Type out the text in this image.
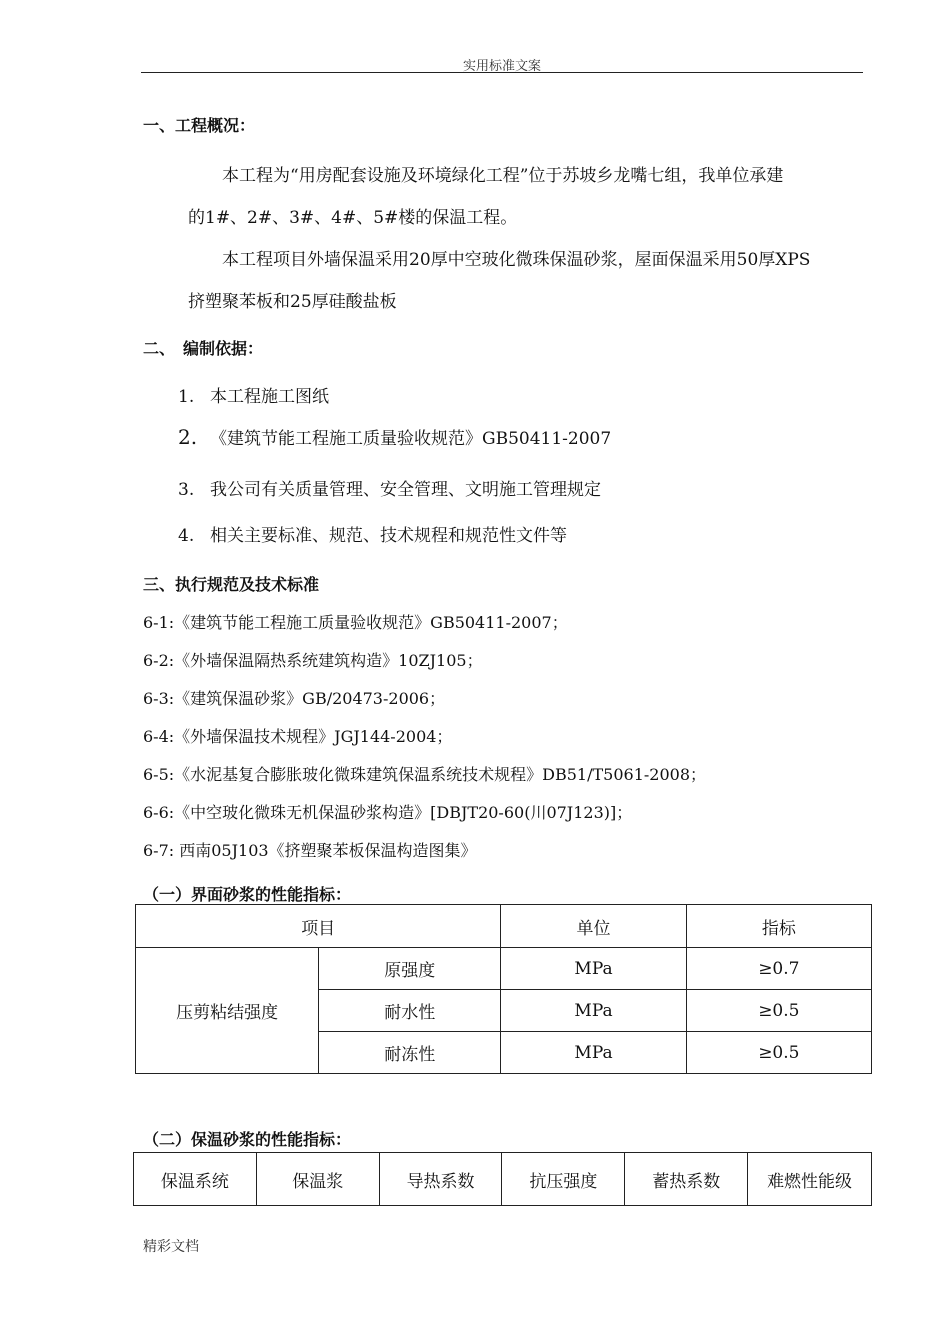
实用标准文案
一、工程概况：
本工程为“用房配套设施及环境绿化工程”位于苏坡乡龙嘴七组，我单位承建
的1#、2#、3#、4#、5#楼的保温工程。
本工程项目外墙保温采用20厚中空玻化微珠保温砂浆，屋面保温采用50厚XPS
挤塑聚苯板和25厚硅酸盐板
二、　编制依据：
1. 本工程施工图纸
2. 《建筑节能工程施工质量验收规范》GB50411-2007
3. 我公司有关质量管理、安全管理、文明施工管理规定
4. 相关主要标准、规范、技术规程和规范性文件等
三、执行规范及技术标准
6-1:《建筑节能工程施工质量验收规范》GB50411-2007；
6-2:《外墙保温隔热系统建筑构造》10ZJ105；
6-3:《建筑保温砂浆》GB/20473-2006；
6-4:《外墙保温技术规程》JGJ144-2004；
6-5:《水泥基复合膨胀玻化微珠建筑保温系统技术规程》DB51/T5061-2008；
6-6:《中空玻化微珠无机保温砂浆构造》[DBJT20-60(川07J123)]；
6-7: 西南05J103《挤塑聚苯板保温构造图集》
（一）界面砂浆的性能指标：
项目		单位	指标
压剪粘结强度	原强度	MPa	≥0.7
	耐水性	MPa	≥0.5
	耐冻性	MPa	≥0.5
（二）保温砂浆的性能指标：
保温系统	保温浆	导热系数	抗压强度	蓄热系数	难燃性能级
精彩文档
